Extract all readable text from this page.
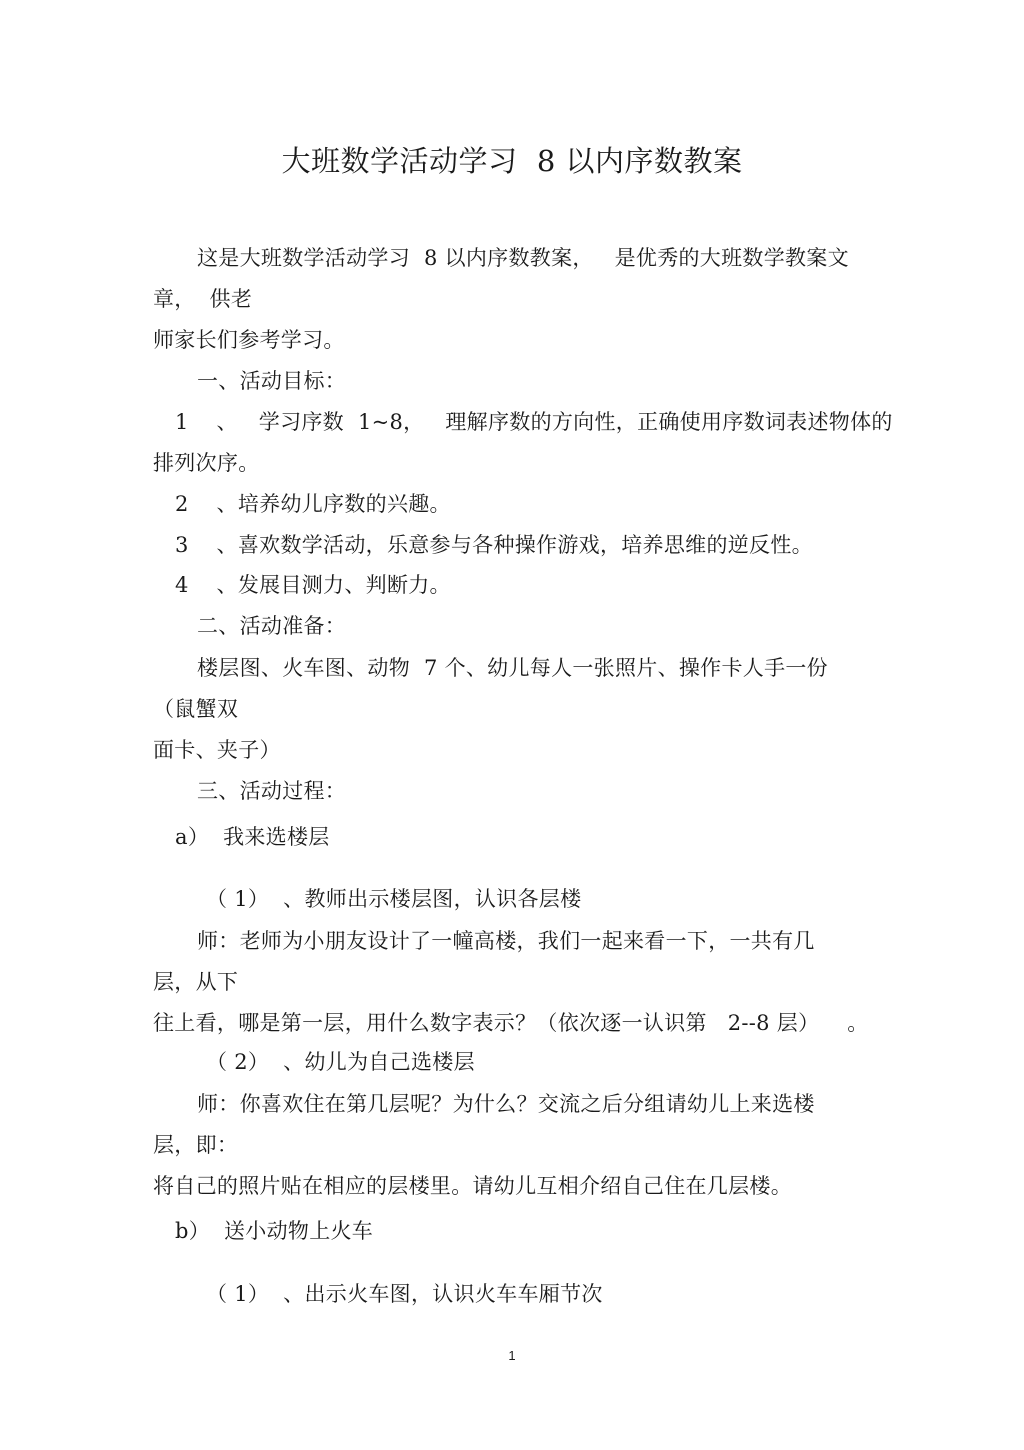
大班数学活动学习  8 以内序数教案
这是大班数学活动学习  8 以内序数教案，   是优秀的大班数学教案文
章，  供老
师家长们参考学习。
一、活动目标：
1    、   学习序数  1~8，   理解序数的方向性，正确使用序数词表述物体的
排列次序。
2    、培养幼儿序数的兴趣。
3    、喜欢数学活动，乐意参与各种操作游戏，培养思维的逆反性。
4    、发展目测力、判断力。
二、活动准备：
楼层图、火车图、动物  7 个、幼儿每人一张照片、操作卡人手一份
（鼠蟹双
面卡、夹子）
三、活动过程：
a）  我来选楼层
（ 1）  、教师出示楼层图，认识各层楼
师：老师为小朋友设计了一幢高楼，我们一起来看一下，一共有几
层，从下
往上看，哪是第一层，用什么数字表示？（依次逐一认识第   2--8 层）    。
（ 2）  、幼儿为自己选楼层
师：你喜欢住在第几层呢？为什么？交流之后分组请幼儿上来选楼
层，即：
将自己的照片贴在相应的层楼里。请幼儿互相介绍自己住在几层楼。
b）  送小动物上火车
（ 1）  、出示火车图，认识火车车厢节次
1
